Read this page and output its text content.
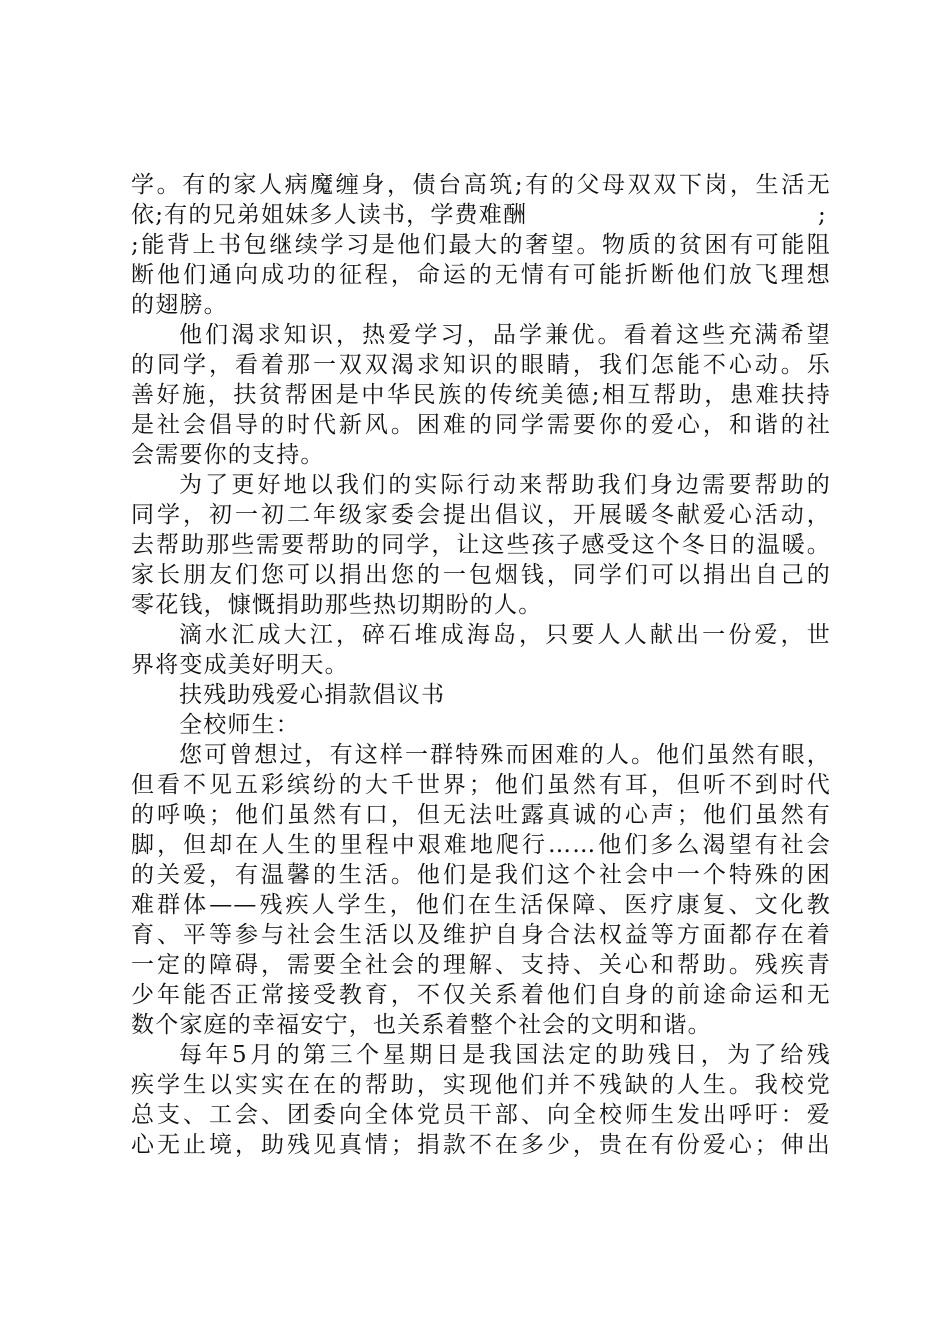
学。有的家人病魔缠身，债台高筑;有的父母双双下岗，生活无
依;有的兄弟姐妹多人读书，学费难酬	;
;能背上书包继续学习是他们最大的奢望。物质的贫困有可能阻
断他们通向成功的征程，命运的无情有可能折断他们放飞理想
的翅膀。
他们渴求知识，热爱学习，品学兼优。看着这些充满希望
的同学，看着那一双双渴求知识的眼睛，我们怎能不心动。乐
善好施，扶贫帮困是中华民族的传统美德;相互帮助，患难扶持
是社会倡导的时代新风。困难的同学需要你的爱心，和谐的社
会需要你的支持。
为了更好地以我们的实际行动来帮助我们身边需要帮助的
同学，初一初二年级家委会提出倡议，开展暖冬献爱心活动，
去帮助那些需要帮助的同学，让这些孩子感受这个冬日的温暖。
家长朋友们您可以捐出您的一包烟钱，同学们可以捐出自己的
零花钱，慷慨捐助那些热切期盼的人。
滴水汇成大江，碎石堆成海岛，只要人人献出一份爱，世
界将变成美好明天。
扶残助残爱心捐款倡议书
全校师生：
您可曾想过，有这样一群特殊而困难的人。他们虽然有眼，
但看不见五彩缤纷的大千世界；他们虽然有耳，但听不到时代
的呼唤；他们虽然有口，但无法吐露真诚的心声；他们虽然有
脚，但却在人生的里程中艰难地爬行……他们多么渴望有社会
的关爱，有温馨的生活。他们是我们这个社会中一个特殊的困
难群体——残疾人学生，他们在生活保障、医疗康复、文化教
育、平等参与社会生活以及维护自身合法权益等方面都存在着
一定的障碍，需要全社会的理解、支持、关心和帮助。残疾青
少年能否正常接受教育，不仅关系着他们自身的前途命运和无
数个家庭的幸福安宁，也关系着整个社会的文明和谐。
每年5月的第三个星期日是我国法定的助残日，为了给残
疾学生以实实在在的帮助，实现他们并不残缺的人生。我校党
总支、工会、团委向全体党员干部、向全校师生发出呼吁：爱
心无止境，助残见真情；捐款不在多少，贵在有份爱心；伸出
